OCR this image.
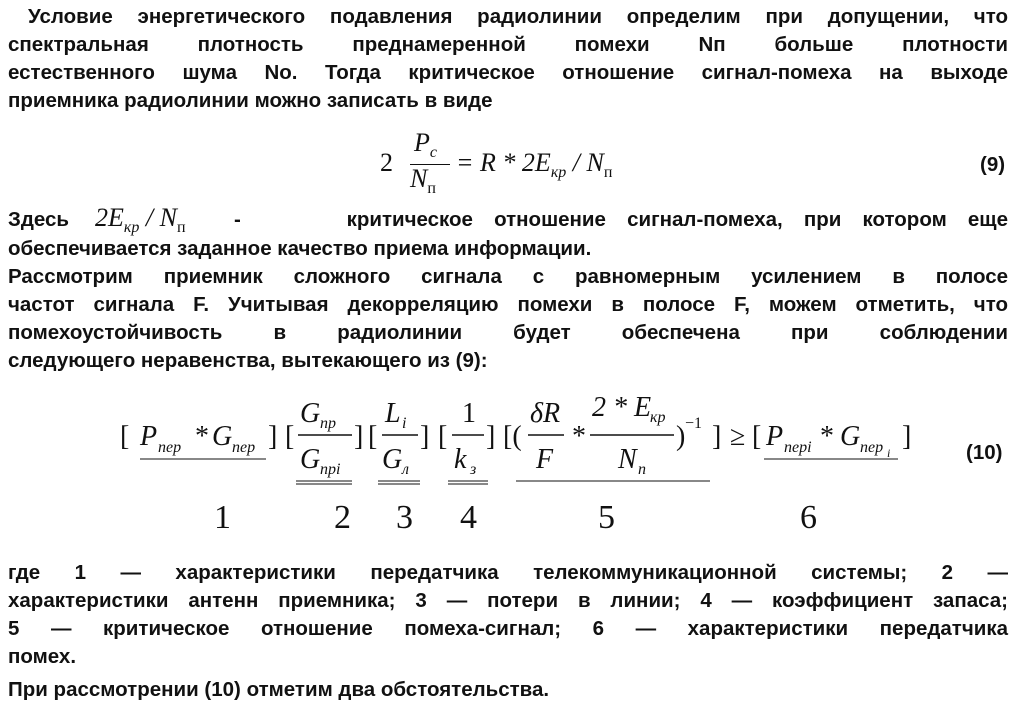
Условие энергетического подавления радиолинии определим при допущении, что

спектральная плотность преднамеренной помехи Nп больше плотности

естественного шума No. Тогда критическое отношение сигнал-помеха на выходе

приемника радиолинии можно записать в виде

2
$P_c$
$N_п$
= R * $2E_{кр} / N_п$	(9)
Здесь $2E_{кр} / N_п$ -     критическое отношение сигнал-помеха, при котором еще

обеспечивается заданное качество приема информации.

Рассмотрим приемник сложного сигнала с равномерным усилением в полосе

частот сигнала F. Учитывая декорреляцию помехи в полосе F, можем отметить, что

помехоустойчивость в радиолинии будет обеспечена при соблюдении

следующего неравенства, вытекающего из (9):

[ P пер * G пер ] [
G пр
G прi
] [
L i
G л
] [
1
k з
] [(
δR
F
*
2 * E
кр
N п
) −1 ] ≥ [ P перi * G пер i
]
1	2 3 4	5	6
(10)

где 1 — характеристики передатчика телекоммуникационной системы; 2 —

характеристики антенн приемника; 3 — потери в линии; 4 — коэффициент запаса;

5 — критическое отношение помеха-сигнал; 6 — характеристики передатчика

помех.

При рассмотрении (10) отметим два обстоятельства.
